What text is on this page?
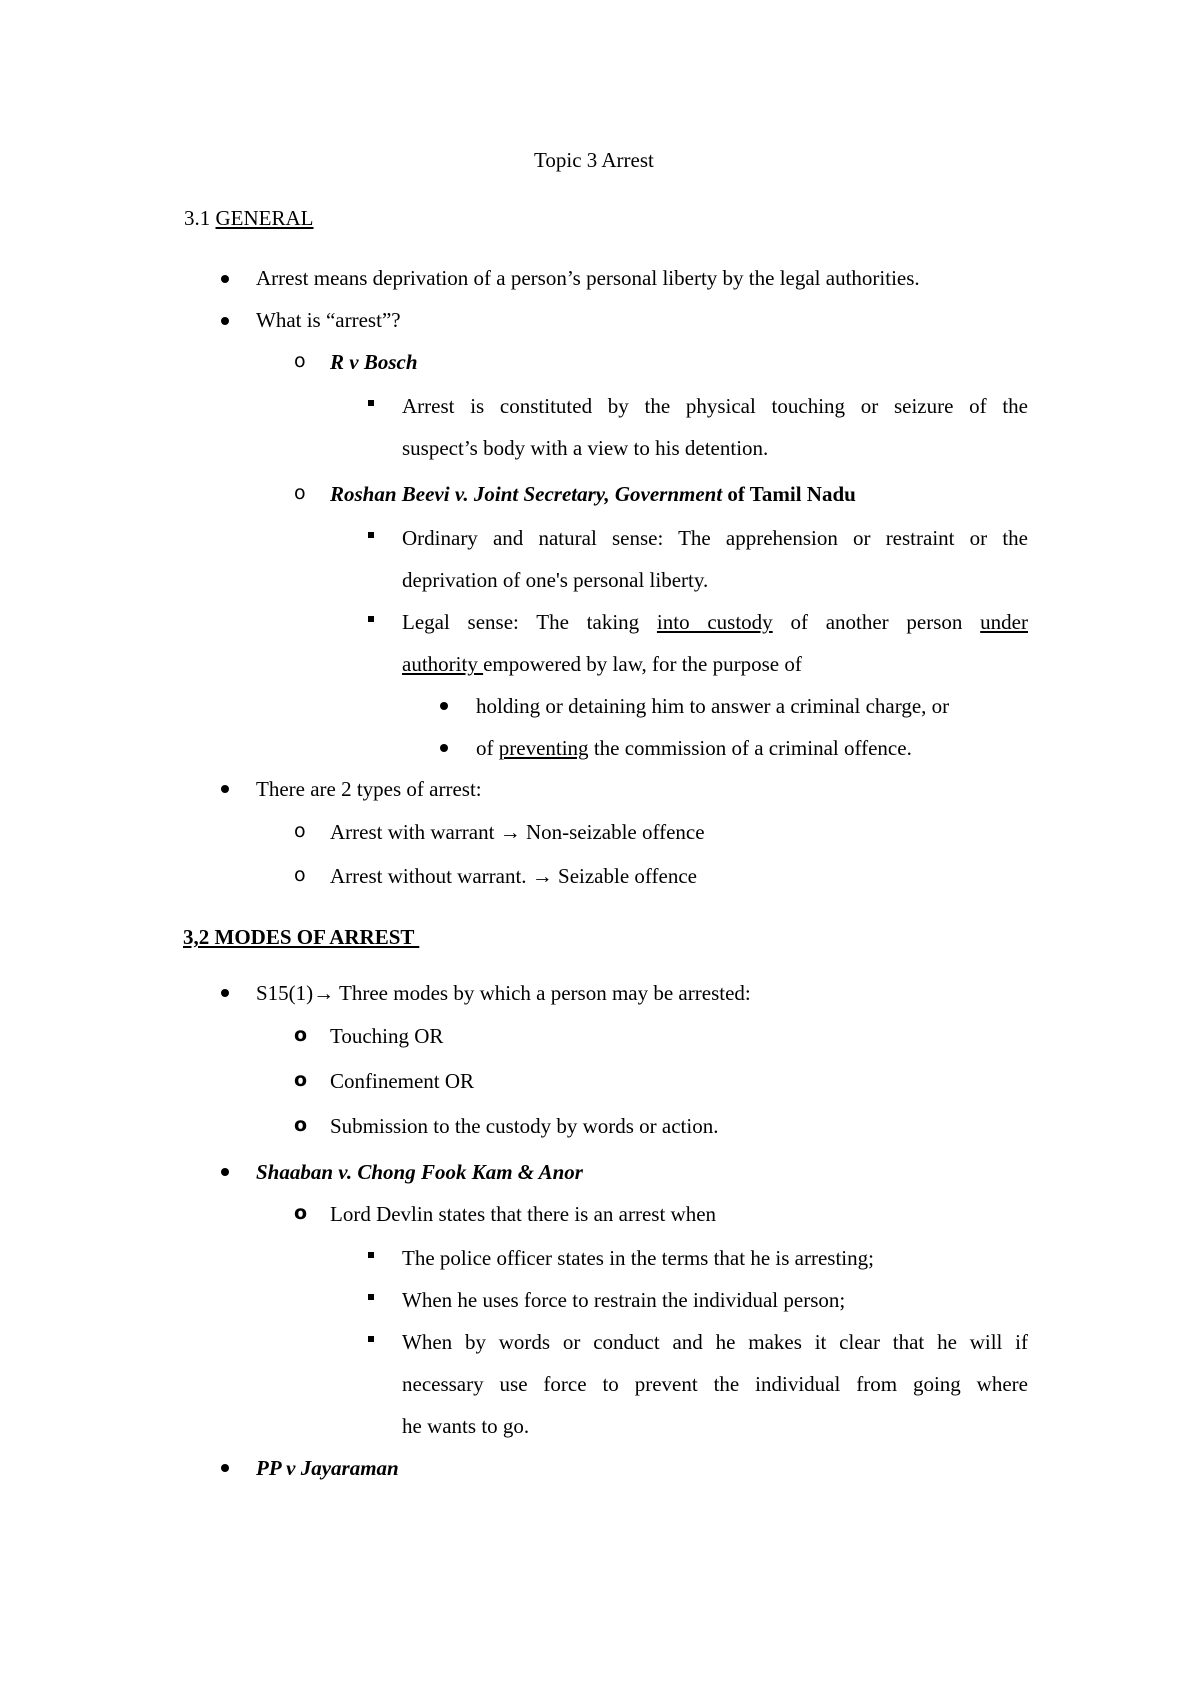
Topic 3 Arrest
3.1 GENERAL
Arrest means deprivation of a person’s personal liberty by the legal authorities.
What is “arrest”?
o R v Bosch
Arrest is constituted by the physical touching or seizure of the
suspect’s body with a view to his detention.
o Roshan Beevi v. Joint Secretary, Government of Tamil Nadu
Ordinary and natural sense: The apprehension or restraint or the
deprivation of one's personal liberty.
Legal sense: The taking into custody of another person under
authority empowered by law, for the purpose of
holding or detaining him to answer a criminal charge, or
of preventing the commission of a criminal offence.
There are 2 types of arrest:
o Arrest with warrant → Non-seizable offence
o Arrest without warrant. → Seizable offence
3,2 MODES OF ARREST
S15(1)→ Three modes by which a person may be arrested:
o Touching OR
o Confinement OR
o Submission to the custody by words or action.
Shaaban v. Chong Fook Kam & Anor
o Lord Devlin states that there is an arrest when
The police officer states in the terms that he is arresting;
When he uses force to restrain the individual person;
When by words or conduct and he makes it clear that he will if
necessary use force to prevent the individual from going where
he wants to go.
PP v Jayaraman
